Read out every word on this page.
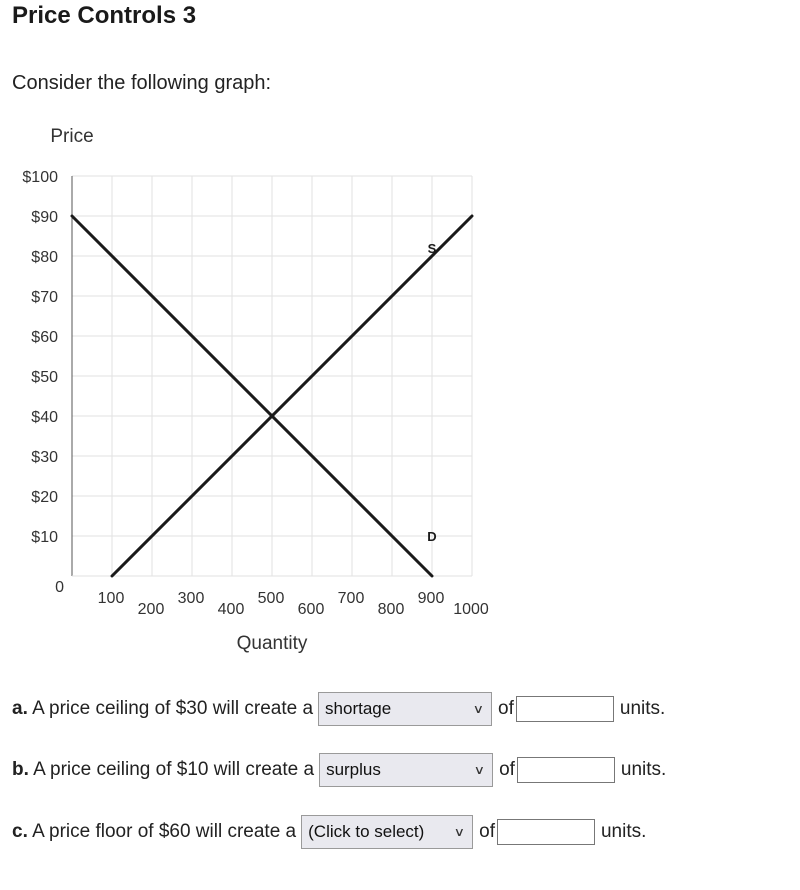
Price Controls 3
Consider the following graph:
$100
$90
$80
$70
$60
$50
$40
$30
$20
$10
0
100
200
300
400
500
600
700
800
900
1000
Price
Quantity
S
D
a. A price ceiling of $30 will create a shortage	∨ of	units.
b. A price ceiling of $10 will create a surplus	∨ of	units.
c. A price floor of $60 will create a (Click to select) ∨ of	units.
